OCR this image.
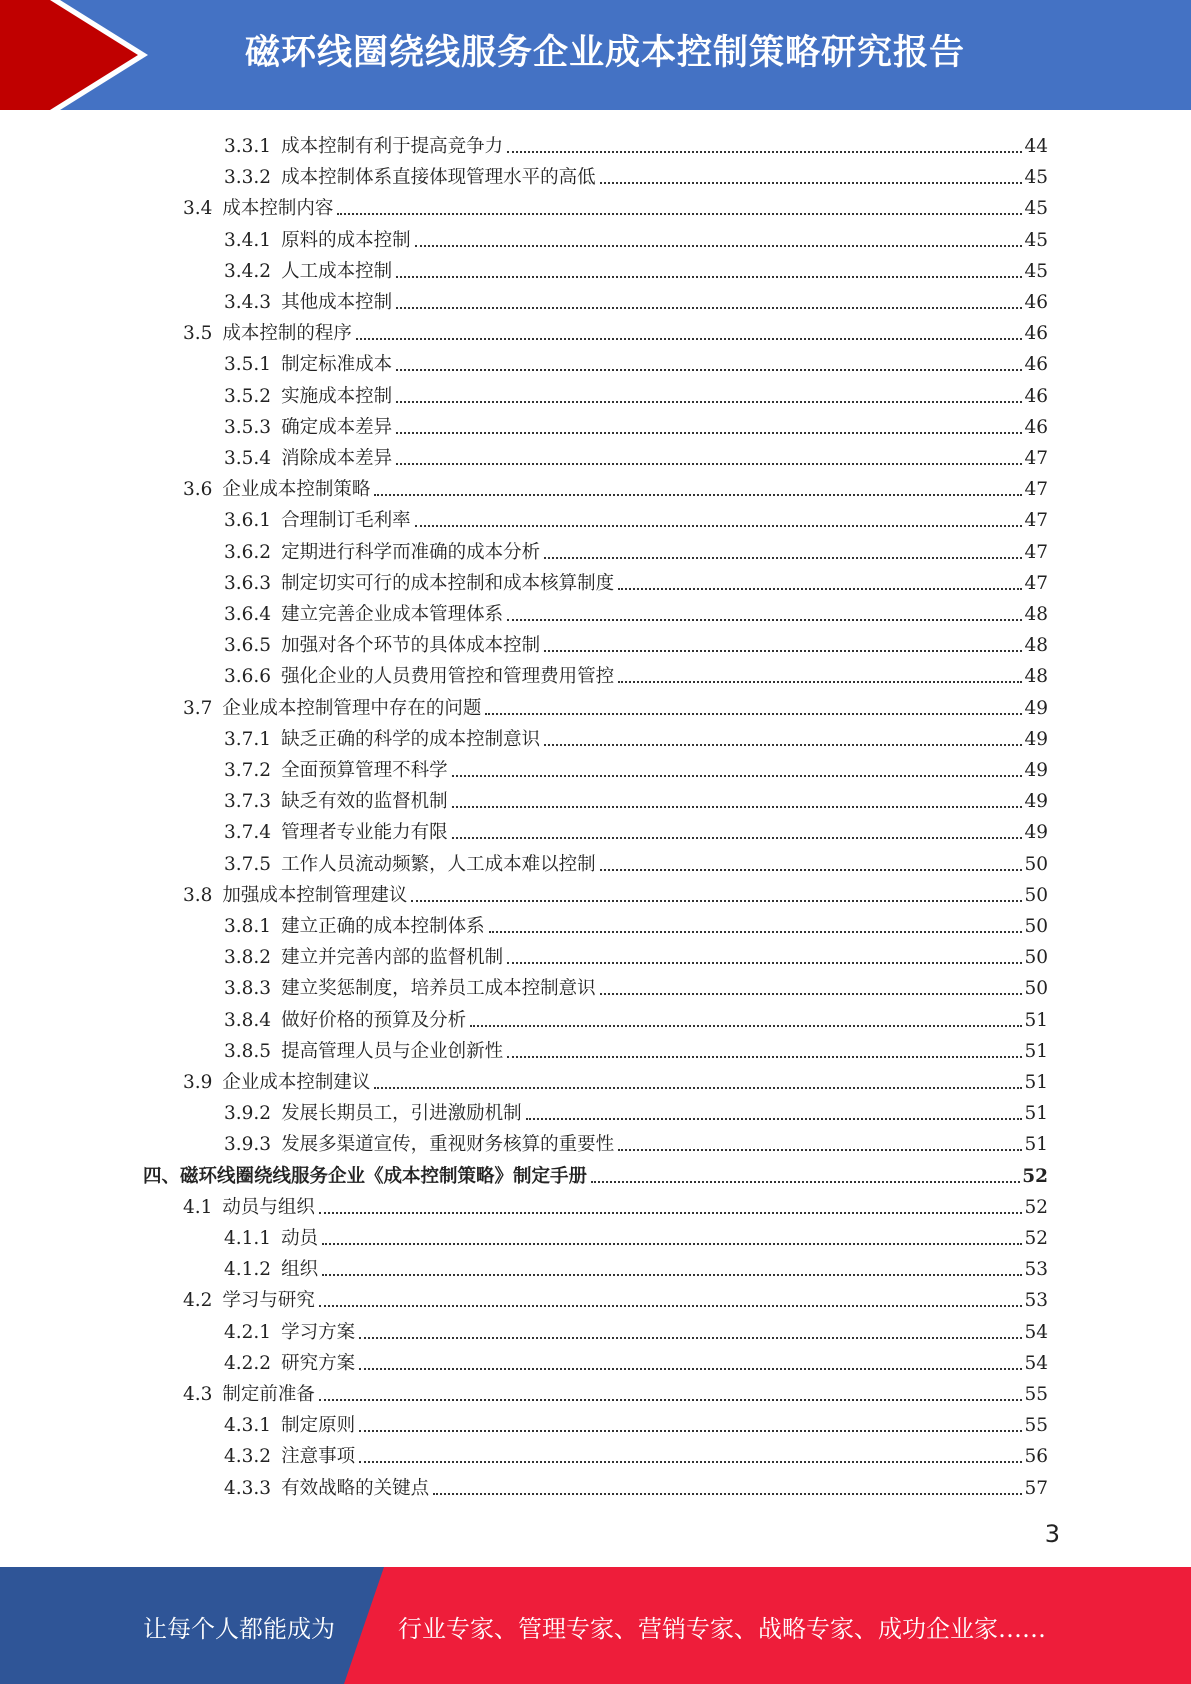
磁环线圈绕线服务企业成本控制策略研究报告
3.3.1 成本控制有利于提高竞争力	44
3.3.2 成本控制体系直接体现管理水平的高低	45
3.4 成本控制内容	45
3.4.1 原料的成本控制	45
3.4.2 人工成本控制	45
3.4.3 其他成本控制	46
3.5 成本控制的程序	46
3.5.1 制定标准成本	46
3.5.2 实施成本控制	46
3.5.3 确定成本差异	46
3.5.4 消除成本差异	47
3.6 企业成本控制策略	47
3.6.1 合理制订毛利率	47
3.6.2 定期进行科学而准确的成本分析	47
3.6.3 制定切实可行的成本控制和成本核算制度	47
3.6.4 建立完善企业成本管理体系	48
3.6.5 加强对各个环节的具体成本控制	48
3.6.6 强化企业的人员费用管控和管理费用管控	48
3.7 企业成本控制管理中存在的问题	49
3.7.1 缺乏正确的科学的成本控制意识	49
3.7.2 全面预算管理不科学	49
3.7.3 缺乏有效的监督机制	49
3.7.4 管理者专业能力有限	49
3.7.5 工作人员流动频繁，人工成本难以控制	50
3.8 加强成本控制管理建议	50
3.8.1 建立正确的成本控制体系	50
3.8.2 建立并完善内部的监督机制	50
3.8.3 建立奖惩制度，培养员工成本控制意识	50
3.8.4 做好价格的预算及分析	51
3.8.5 提高管理人员与企业创新性	51
3.9 企业成本控制建议	51
3.9.2 发展长期员工，引进激励机制	51
3.9.3 发展多渠道宣传，重视财务核算的重要性	51
四、磁环线圈绕线服务企业《成本控制策略》制定手册	52
4.1 动员与组织	52
4.1.1 动员	52
4.1.2 组织	53
4.2 学习与研究	53
4.2.1 学习方案	54
4.2.2 研究方案	54
4.3 制定前准备	55
4.3.1 制定原则	55
4.3.2 注意事项	56
4.3.3 有效战略的关键点	57
3
让每个人都能成为	行业专家、管理专家、营销专家、战略专家、成功企业家……
